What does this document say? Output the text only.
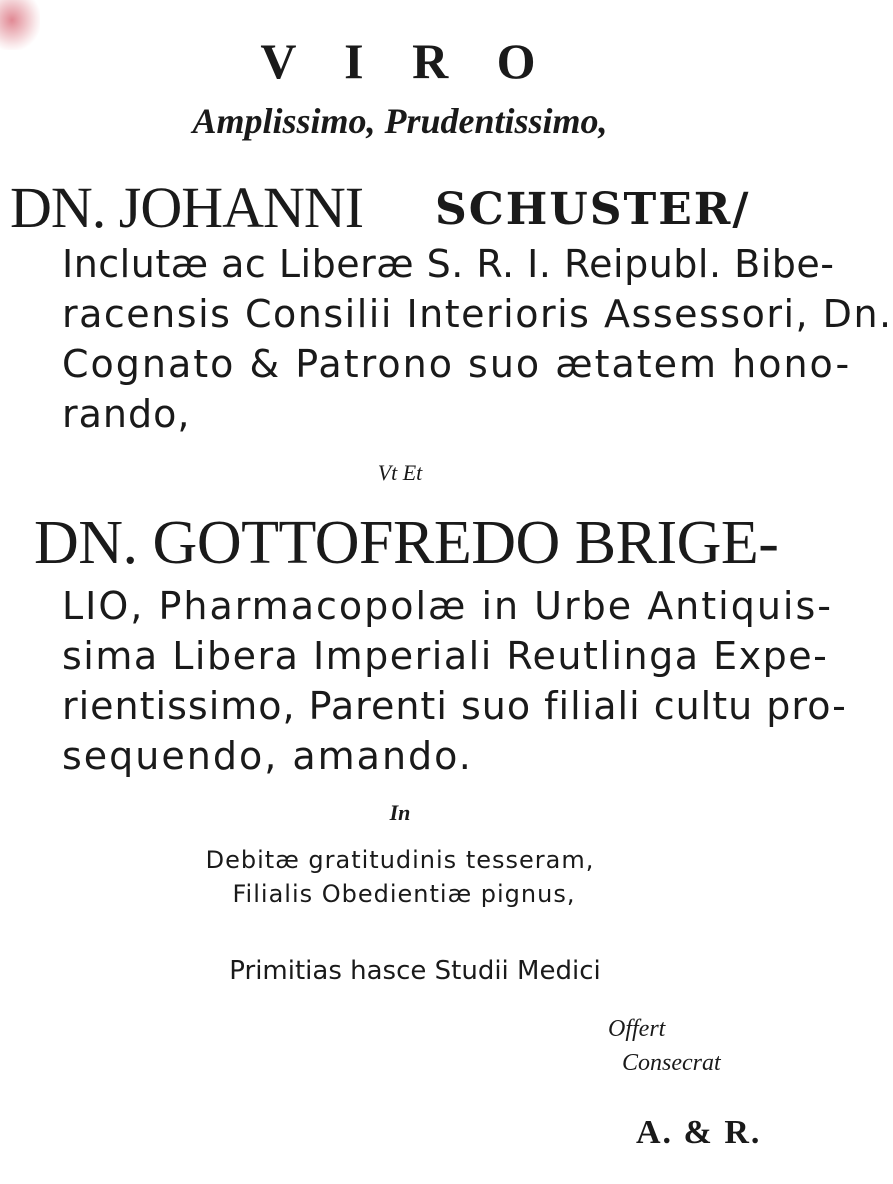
V I R O
Amplissimo, Prudentissimo,
DN. JOHANNI SCHUSTER/
Inclutæ ac Liberæ S. R. I. Reipubl. Bibe-
racensis Consilii Interioris Assessori, Dn.
Cognato & Patrono suo ætatem hono-
rando,
Vt Et
DN. GOTTOFREDO BRIGE-
LIO, Pharmacopolæ in Urbe Antiquis-
sima Libera Imperiali Reutlinga Expe-
rientissimo, Parenti suo filiali cultu pro-
sequendo, amando.
In
Debitæ gratitudinis tesseram,
Filialis Obedientiæ pignus,
Primitias hasce Studii Medici
Offert
Consecrat
A. & R.
